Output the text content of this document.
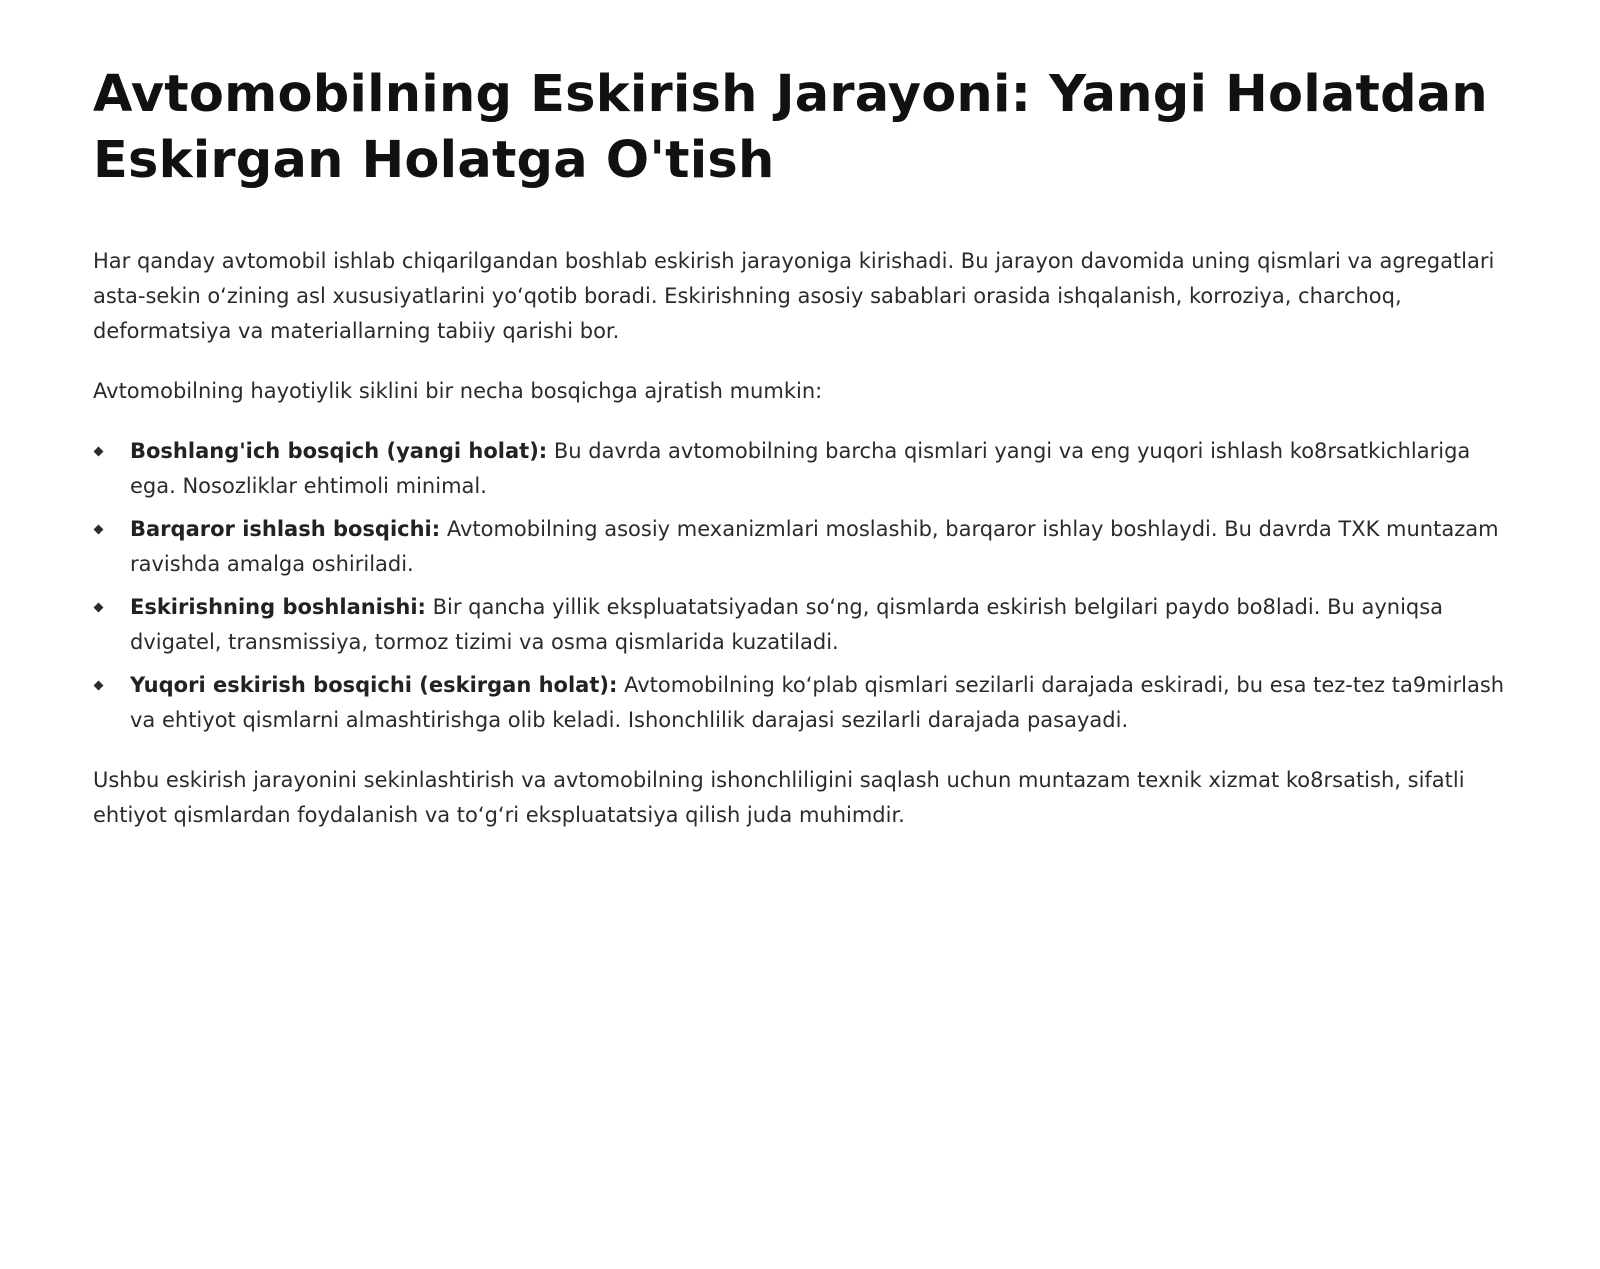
Avtomobilning Eskirish Jarayoni: Yangi Holatdan Eskirgan Holatga O'tish

Har qanday avtomobil ishlab chiqarilgandan boshlab eskirish jarayoniga kirishadi. Bu jarayon davomida uning qismlari va agregatlari asta-sekin o‘zining asl xususiyatlarini yo‘qotib boradi. Eskirishning asosiy sabablari orasida ishqalanish, korroziya, charchoq, deformatsiya va materiallarning tabiiy qarishi bor.

Avtomobilning hayotiylik siklini bir necha bosqichga ajratish mumkin:

Boshlang'ich bosqich (yangi holat): Bu davrda avtomobilning barcha qismlari yangi va eng yuqori ishlash ko8rsatkichlariga ega. Nosozliklar ehtimoli minimal.
Barqaror ishlash bosqichi: Avtomobilning asosiy mexanizmlari moslashib, barqaror ishlay boshlaydi. Bu davrda TXK muntazam ravishda amalga oshiriladi.
Eskirishning boshlanishi: Bir qancha yillik ekspluatatsiyadan so‘ng, qismlarda eskirish belgilari paydo bo8ladi. Bu ayniqsa dvigatel, transmissiya, tormoz tizimi va osma qismlarida kuzatiladi.
Yuqori eskirish bosqichi (eskirgan holat): Avtomobilning ko‘plab qismlari sezilarli darajada eskiradi, bu esa tez-tez ta9mirlash va ehtiyot qismlarni almashtirishga olib keladi. Ishonchlilik darajasi sezilarli darajada pasayadi.

Ushbu eskirish jarayonini sekinlashtirish va avtomobilning ishonchliligini saqlash uchun muntazam texnik xizmat ko8rsatish, sifatli ehtiyot qismlardan foydalanish va to‘g‘ri ekspluatatsiya qilish juda muhimdir.
